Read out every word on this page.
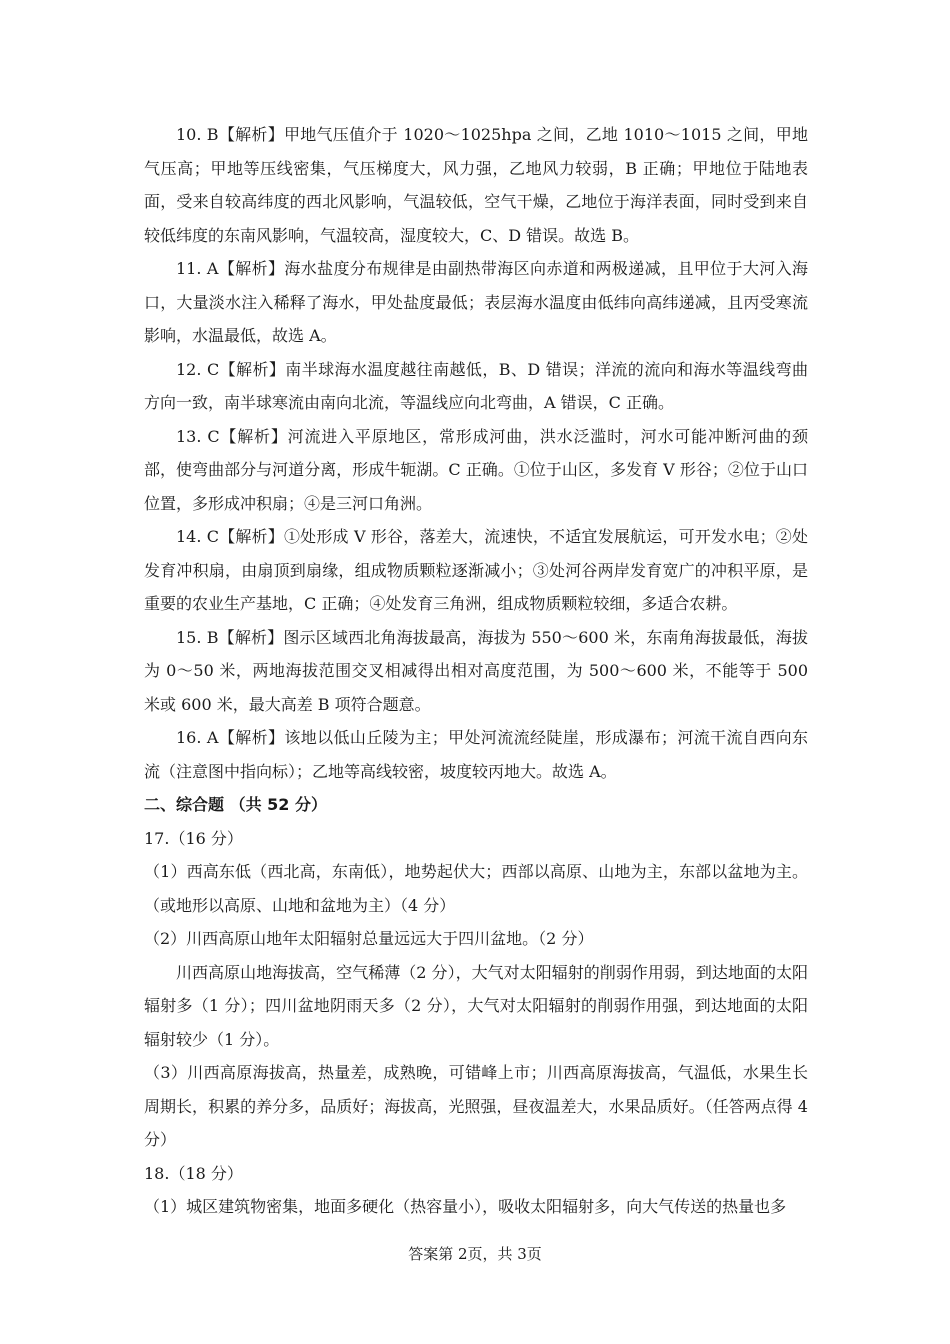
10. B【解析】甲地气压值介于 1020～1025hpa 之间，乙地 1010～1015 之间，甲地气压高；甲地等压线密集，气压梯度大，风力强，乙地风力较弱，B 正确；甲地位于陆地表面，受来自较高纬度的西北风影响，气温较低，空气干燥，乙地位于海洋表面，同时受到来自较低纬度的东南风影响，气温较高，湿度较大，C、D 错误。故选 B。

11. A【解析】海水盐度分布规律是由副热带海区向赤道和两极递减，且甲位于大河入海口，大量淡水注入稀释了海水，甲处盐度最低；表层海水温度由低纬向高纬递减，且丙受寒流影响，水温最低，故选 A。

12. C【解析】南半球海水温度越往南越低，B、D 错误；洋流的流向和海水等温线弯曲方向一致，南半球寒流由南向北流，等温线应向北弯曲，A 错误，C 正确。

13. C【解析】河流进入平原地区，常形成河曲，洪水泛滥时，河水可能冲断河曲的颈部，使弯曲部分与河道分离，形成牛轭湖。C 正确。①位于山区，多发育 V 形谷；②位于山口位置，多形成冲积扇；④是三河口角洲。

14. C【解析】①处形成 V 形谷，落差大，流速快，不适宜发展航运，可开发水电；②处发育冲积扇，由扇顶到扇缘，组成物质颗粒逐渐减小；③处河谷两岸发育宽广的冲积平原，是重要的农业生产基地，C 正确；④处发育三角洲，组成物质颗粒较细，多适合农耕。

15. B【解析】图示区域西北角海拔最高，海拔为 550～600 米，东南角海拔最低，海拔为 0～50 米，两地海拔范围交叉相减得出相对高度范围，为 500～600 米，不能等于 500 米或 600 米，最大高差 B 项符合题意。

16. A【解析】该地以低山丘陵为主；甲处河流流经陡崖，形成瀑布；河流干流自西向东流（注意图中指向标）；乙地等高线较密，坡度较丙地大。故选 A。

二、综合题 （共 52 分）

17.（16 分）

（1）西高东低（西北高，东南低），地势起伏大；西部以高原、山地为主，东部以盆地为主。（或地形以高原、山地和盆地为主）（4 分）

（2）川西高原山地年太阳辐射总量远远大于四川盆地。（2 分）

川西高原山地海拔高，空气稀薄（2 分），大气对太阳辐射的削弱作用弱，到达地面的太阳辐射多（1 分）；四川盆地阴雨天多（2 分），大气对太阳辐射的削弱作用强，到达地面的太阳辐射较少（1 分）。

（3）川西高原海拔高，热量差，成熟晚，可错峰上市；川西高原海拔高，气温低，水果生长周期长，积累的养分多，品质好；海拔高，光照强，昼夜温差大，水果品质好。（任答两点得 4 分）

18.（18 分）

（1）城区建筑物密集，地面多硬化（热容量小），吸收太阳辐射多，向大气传送的热量也多

答案第 2页，共 3页
